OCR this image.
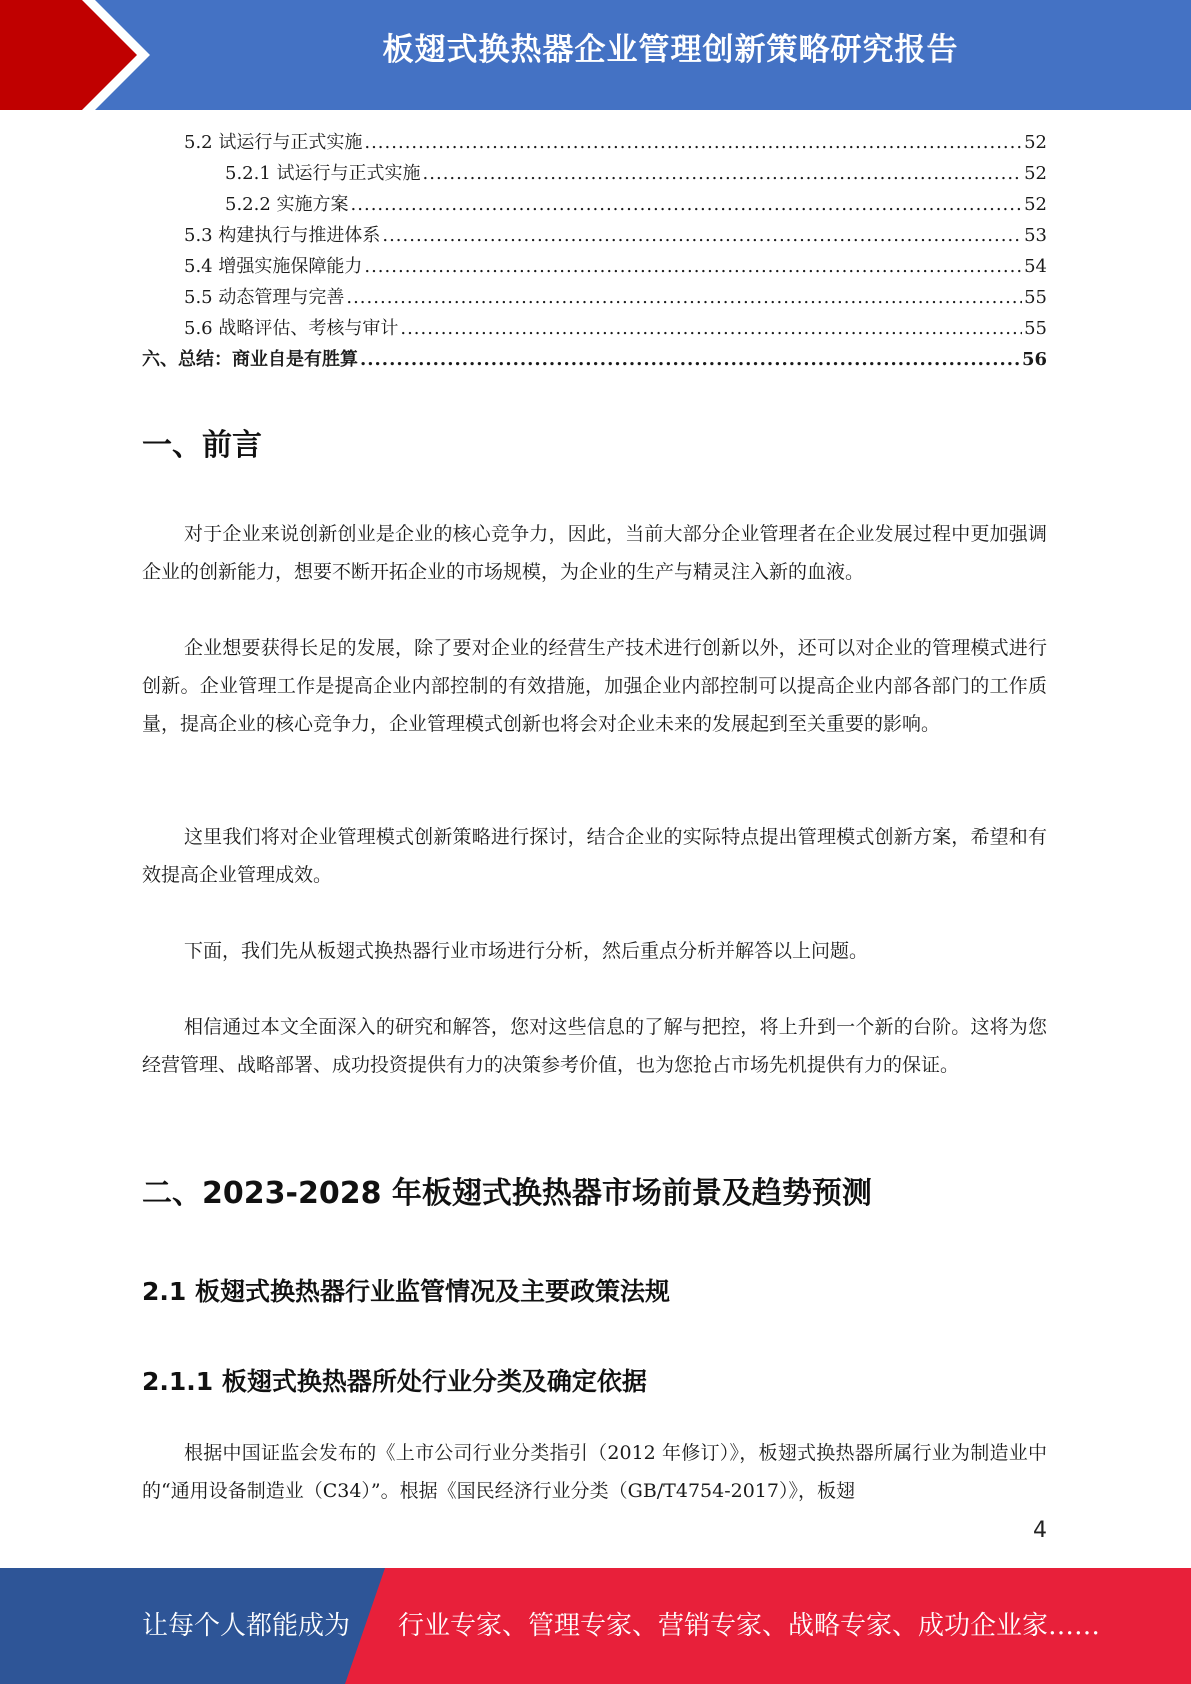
板翅式换热器企业管理创新策略研究报告
5.2 试运行与正式实施 .....	52
5.2.1 试运行与正式实施 .....	52
5.2.2 实施方案 .....	52
5.3 构建执行与推进体系 .....	53
5.4 增强实施保障能力 .....	54
5.5 动态管理与完善 .....	55
5.6 战略评估、考核与审计 .....	55
六、总结：商业自是有胜算 .....	56
一、前言

对于企业来说创新创业是企业的核心竞争力，因此，当前大部分企业管理者在企业发展过程中更加强调企业的创新能力，想要不断开拓企业的市场规模，为企业的生产与精灵注入新的血液。

企业想要获得长足的发展，除了要对企业的经营生产技术进行创新以外，还可以对企业的管理模式进行创新。企业管理工作是提高企业内部控制的有效措施，加强企业内部控制可以提高企业内部各部门的工作质量，提高企业的核心竞争力，企业管理模式创新也将会对企业未来的发展起到至关重要的影响。

这里我们将对企业管理模式创新策略进行探讨，结合企业的实际特点提出管理模式创新方案，希望和有效提高企业管理成效。

下面，我们先从板翅式换热器行业市场进行分析，然后重点分析并解答以上问题。

相信通过本文全面深入的研究和解答，您对这些信息的了解与把控，将上升到一个新的台阶。这将为您经营管理、战略部署、成功投资提供有力的决策参考价值，也为您抢占市场先机提供有力的保证。

二、2023-2028 年板翅式换热器市场前景及趋势预测
2.1 板翅式换热器行业监管情况及主要政策法规
2.1.1 板翅式换热器所处行业分类及确定依据

根据中国证监会发布的《上市公司行业分类指引（2012 年修订）》，板翅式换热器所属行业为制造业中的“通用设备制造业（C34）”。根据《国民经济行业分类（GB/T4754-2017）》，板翅

4
让每个人都能成为 行业专家、管理专家、营销专家、战略专家、成功企业家……
